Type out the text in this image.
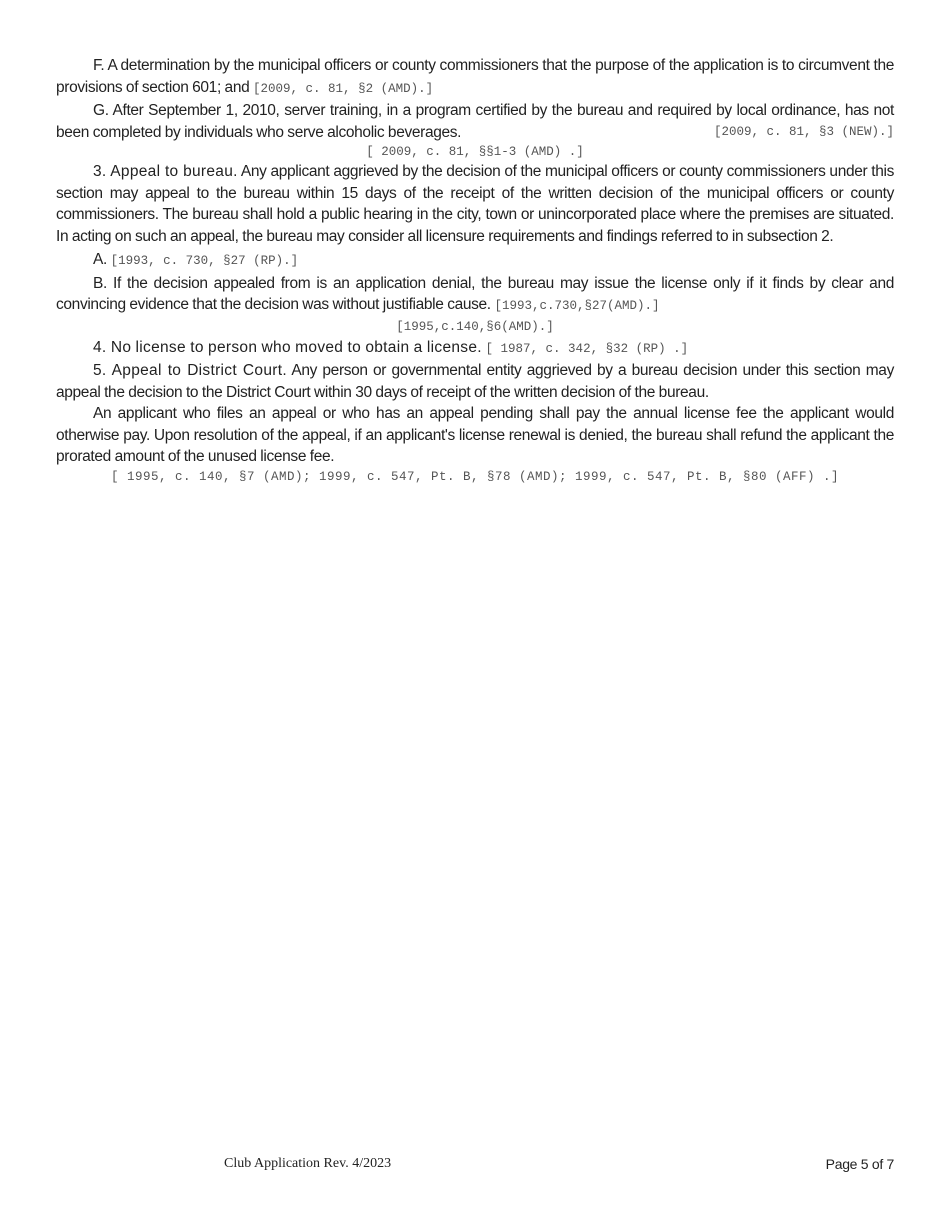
F. A determination by the municipal officers or county commissioners that the purpose of the application is to circumvent the provisions of section 601; and [2009, c. 81, §2 (AMD).]

G. After September 1, 2010, server training, in a program certified by the bureau and required by local ordinance, has not been completed by individuals who serve alcoholic beverages.	[2009, c. 81, §3 (NEW).]

[ 2009, c. 81, §§1-3 (AMD) .]

3. Appeal to bureau. Any applicant aggrieved by the decision of the municipal officers or county commissioners under this section may appeal to the bureau within 15 days of the receipt of the written decision of the municipal officers or county commissioners. The bureau shall hold a public hearing in the city, town or unincorporated place where the premises are situated. In acting on such an appeal, the bureau may consider all licensure requirements and findings referred to in subsection 2.

A. [1993, c. 730, §27 (RP).]

B. If the decision appealed from is an application denial, the bureau may issue the license only if it finds by clear and convincing evidence that the decision was without justifiable cause. [1993,c.730,§27(AMD).]

[1995,c.140,§6(AMD).]

4. No license to person who moved to obtain a license. [ 1987, c. 342, §32 (RP) .]

5. Appeal to District Court. Any person or governmental entity aggrieved by a bureau decision under this section may appeal the decision to the District Court within 30 days of receipt of the written decision of the bureau.

An applicant who files an appeal or who has an appeal pending shall pay the annual license fee the applicant would otherwise pay. Upon resolution of the appeal, if an applicant's license renewal is denied, the bureau shall refund the applicant the prorated amount of the unused license fee.

[ 1995, c. 140, §7 (AMD); 1999, c. 547, Pt. B, §78 (AMD); 1999, c. 547, Pt. B, §80 (AFF) .]

Club Application Rev. 4/2023	Page 5 of 7
